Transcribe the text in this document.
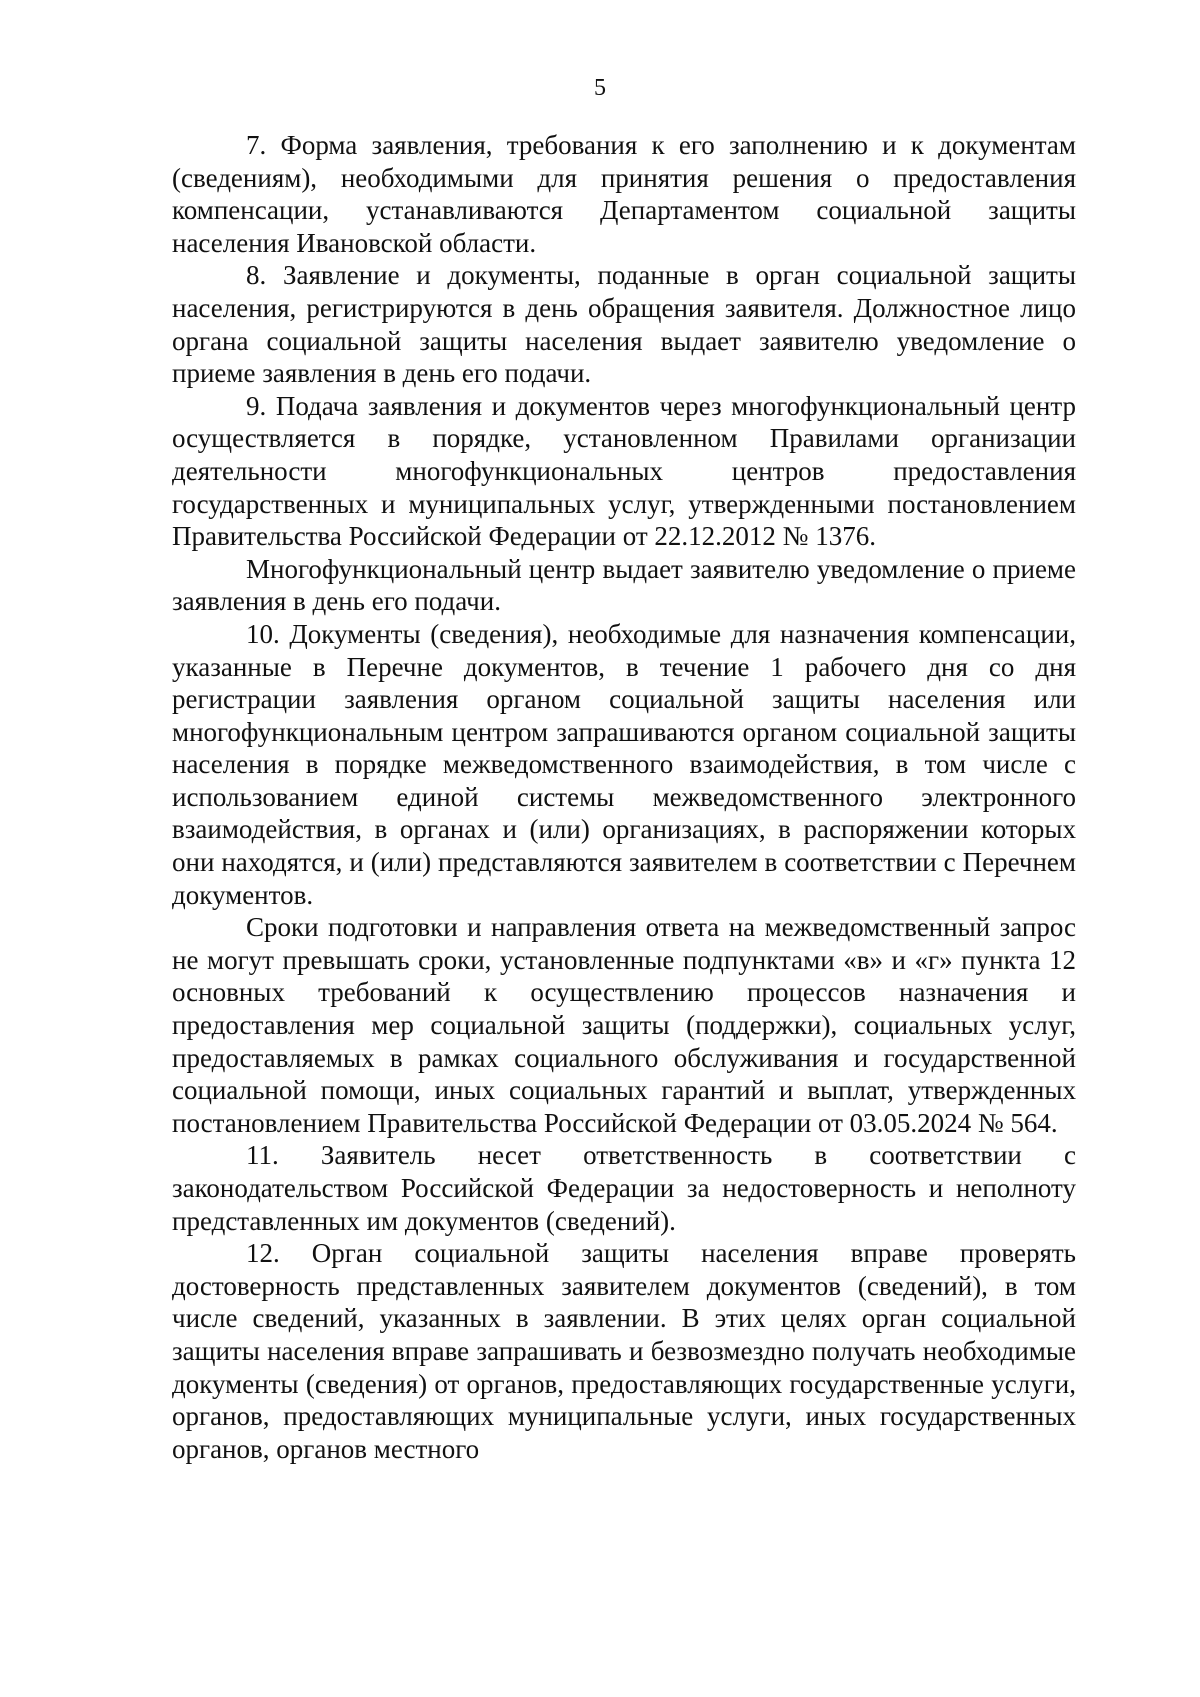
5

7. Форма заявления, требования к его заполнению и к документам (сведениям), необходимыми для принятия решения о предоставления компенсации, устанавливаются Департаментом социальной защиты населения Ивановской области.

8. Заявление и документы, поданные в орган социальной защиты населения, регистрируются в день обращения заявителя. Должностное лицо органа социальной защиты населения выдает заявителю уведомление о приеме заявления в день его подачи.

9. Подача заявления и документов через многофункциональный центр осуществляется в порядке, установленном Правилами организации деятельности многофункциональных центров предоставления государственных и муниципальных услуг, утвержденными постановлением Правительства Российской Федерации от 22.12.2012 № 1376.

Многофункциональный центр выдает заявителю уведомление о приеме заявления в день его подачи.

10. Документы (сведения), необходимые для назначения компенсации, указанные в Перечне документов, в течение 1 рабочего дня со дня регистрации заявления органом социальной защиты населения или многофункциональным центром запрашиваются органом социальной защиты населения в порядке межведомственного взаимодействия, в том числе с использованием единой системы межведомственного электронного взаимодействия, в органах и (или) организациях, в распоряжении которых они находятся, и (или) представляются заявителем в соответствии с Перечнем документов.

Сроки подготовки и направления ответа на межведомственный запрос не могут превышать сроки, установленные подпунктами «в» и «г» пункта 12 основных требований к осуществлению процессов назначения и предоставления мер социальной защиты (поддержки), социальных услуг, предоставляемых в рамках социального обслуживания и государственной социальной помощи, иных социальных гарантий и выплат, утвержденных постановлением Правительства Российской Федерации от 03.05.2024 № 564.

11. Заявитель несет ответственность в соответствии с законодательством Российской Федерации за недостоверность и неполноту представленных им документов (сведений).

12. Орган социальной защиты населения вправе проверять достоверность представленных заявителем документов (сведений), в том числе сведений, указанных в заявлении. В этих целях орган социальной защиты населения вправе запрашивать и безвозмездно получать необходимые документы (сведения) от органов, предоставляющих государственные услуги, органов, предоставляющих муниципальные услуги, иных государственных органов, органов местного
